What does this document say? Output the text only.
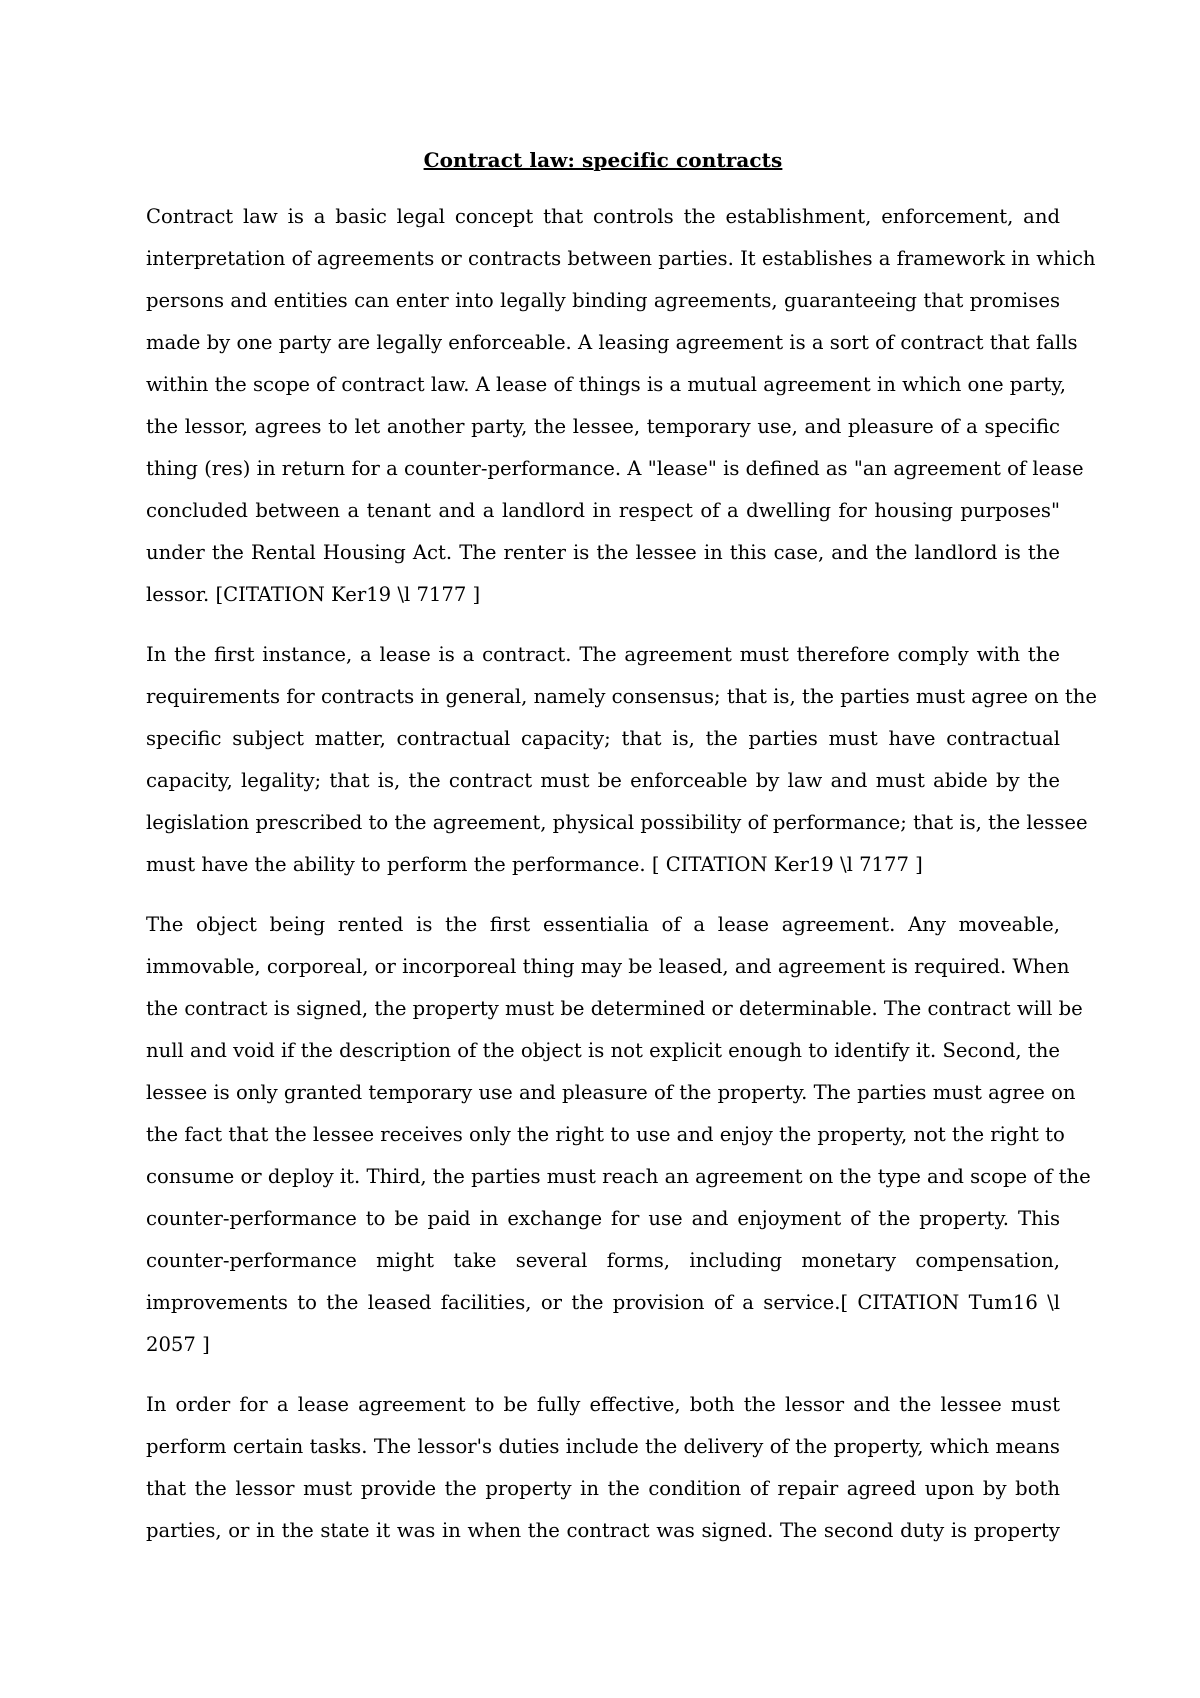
Contract law: specific contracts
Contract law is a basic legal concept that controls the establishment, enforcement, and
interpretation of agreements or contracts between parties. It establishes a framework in which
persons and entities can enter into legally binding agreements, guaranteeing that promises
made by one party are legally enforceable. A leasing agreement is a sort of contract that falls
within the scope of contract law. A lease of things is a mutual agreement in which one party,
the lessor, agrees to let another party, the lessee, temporary use, and pleasure of a specific
thing (res) in return for a counter-performance. A "lease" is defined as "an agreement of lease
concluded between a tenant and a landlord in respect of a dwelling for housing purposes"
under the Rental Housing Act. The renter is the lessee in this case, and the landlord is the
lessor. [CITATION Ker19 \l 7177 ]
In the first instance, a lease is a contract. The agreement must therefore comply with the
requirements for contracts in general, namely consensus; that is, the parties must agree on the
specific subject matter, contractual capacity; that is, the parties must have contractual
capacity, legality; that is, the contract must be enforceable by law and must abide by the
legislation prescribed to the agreement, physical possibility of performance; that is, the lessee
must have the ability to perform the performance. [ CITATION Ker19 \l 7177 ]
The object being rented is the first essentialia of a lease agreement. Any moveable,
immovable, corporeal, or incorporeal thing may be leased, and agreement is required. When
the contract is signed, the property must be determined or determinable. The contract will be
null and void if the description of the object is not explicit enough to identify it. Second, the
lessee is only granted temporary use and pleasure of the property. The parties must agree on
the fact that the lessee receives only the right to use and enjoy the property, not the right to
consume or deploy it. Third, the parties must reach an agreement on the type and scope of the
counter-performance to be paid in exchange for use and enjoyment of the property. This
counter-performance might take several forms, including monetary compensation,
improvements to the leased facilities, or the provision of a service.[ CITATION Tum16 \l
2057 ]
In order for a lease agreement to be fully effective, both the lessor and the lessee must
perform certain tasks. The lessor's duties include the delivery of the property, which means
that the lessor must provide the property in the condition of repair agreed upon by both
parties, or in the state it was in when the contract was signed. The second duty is property
